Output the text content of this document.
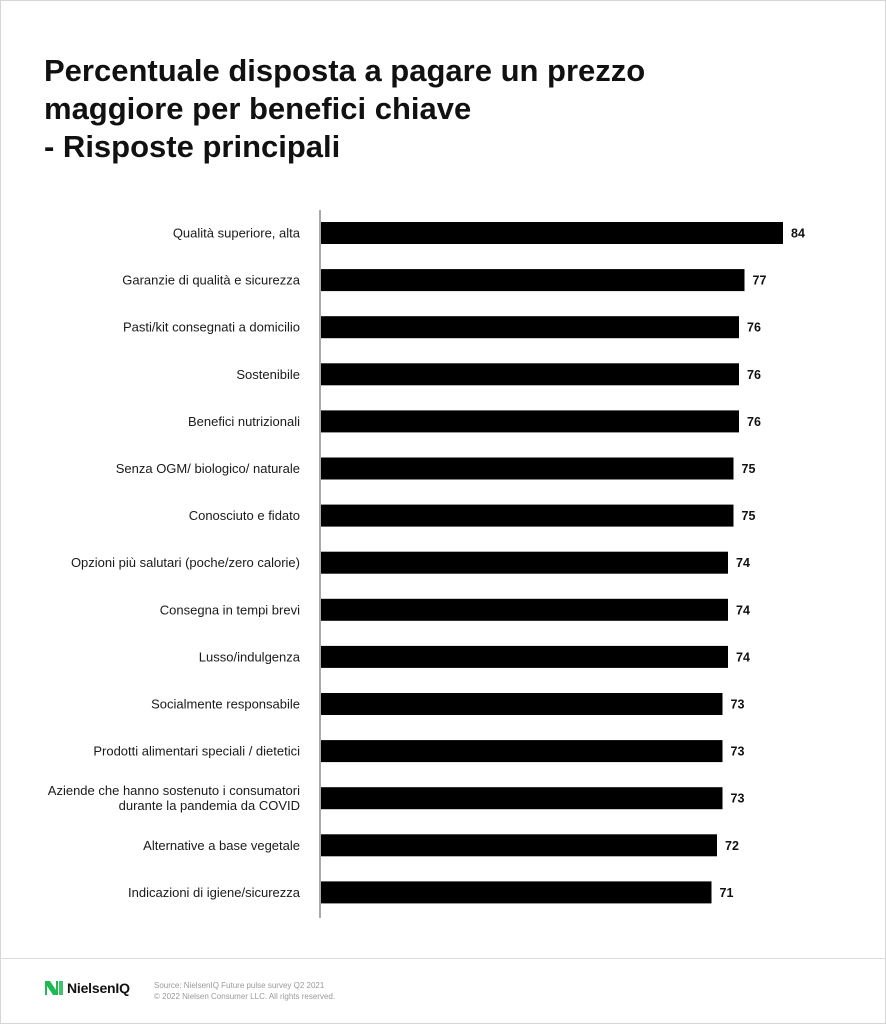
Percentuale disposta a pagare un prezzo
maggiore per benefici chiave
- Risposte principali
84
Qualità superiore, alta
77
Garanzie di qualità e sicurezza
76
Pasti/kit consegnati a domicilio
76
Sostenibile
76
Benefici nutrizionali
75
Senza OGM/ biologico/ naturale
75
Conosciuto e fidato
74
Opzioni più salutari (poche/zero calorie)
74
Consegna in tempi brevi
74
Lusso/indulgenza
73
Socialmente responsabile
73
Prodotti alimentari speciali / dietetici
73
Aziende che hanno sostenuto i consumatori
durante la pandemia da COVID
72
Alternative a base vegetale
71
Indicazioni di igiene/sicurezza
NielsenIQ	Source: NielsenIQ Future pulse survey Q2 2021
© 2022 Nielsen Consumer LLC. All rights reserved.
